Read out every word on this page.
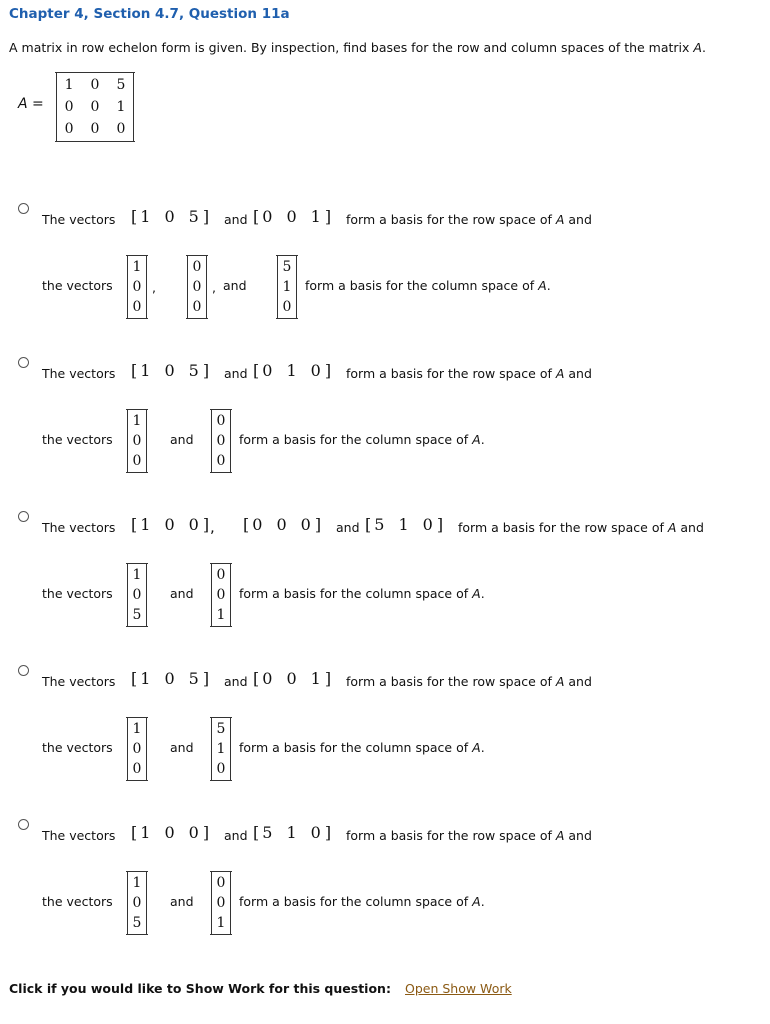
Chapter 4, Section 4.7, Question 11a
A matrix in row echelon form is given. By inspection, find bases for the row and column spaces of the matrix A.
A =
1 0 5
0 0 1
0 0 0
The vectors [ 1 0 5 ] and [ 0 0 1 ] form a basis for the row space of A and
the vectors
1
0
0
,
0
0
0
, and
5
1
0
form a basis for the column space of A.
The vectors [ 1 0 5 ] and [ 0 1 0 ] form a basis for the row space of A and
the vectors
1
0
0
and
0
0
0
form a basis for the column space of A.
The vectors [ 1 0 0 ] , [ 0 0 0 ] and [ 5 1 0 ] form a basis for the row space of A and
the vectors
1
0
5
and
0
0
1
form a basis for the column space of A.
The vectors [ 1 0 5 ] and [ 0 0 1 ] form a basis for the row space of A and
the vectors
1
0
0
and
5
1
0
form a basis for the column space of A.
The vectors [ 1 0 0 ] and [ 5 1 0 ] form a basis for the row space of A and
the vectors
1
0
5
and
0
0
1
form a basis for the column space of A.
Click if you would like to Show Work for this question: Open Show Work
